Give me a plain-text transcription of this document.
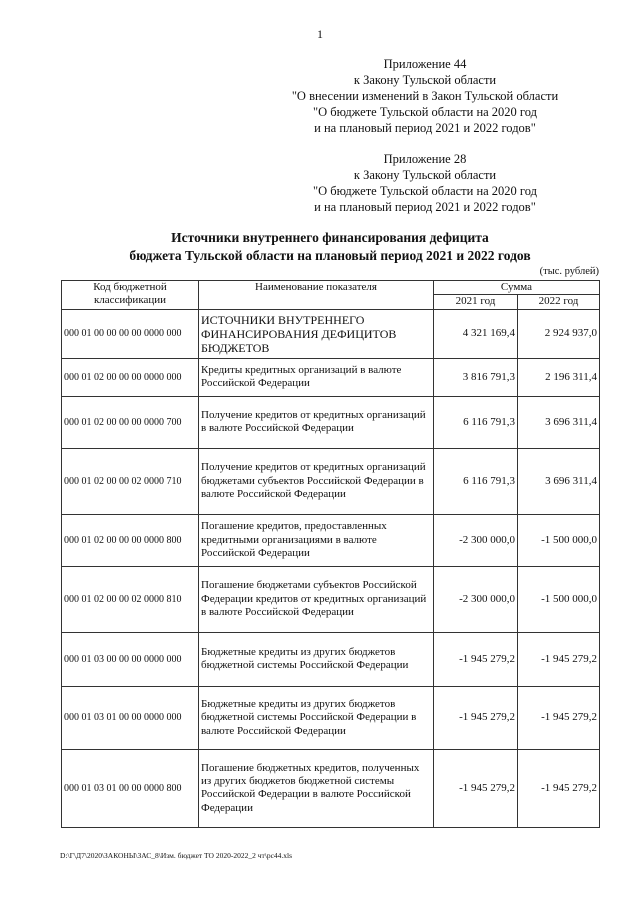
1
Приложение 44
к Закону Тульской области
"О внесении изменений в Закон Тульской области
"О бюджете Тульской области на 2020 год
и на плановый период 2021 и 2022 годов"
Приложение 28
к Закону Тульской области
"О бюджете Тульской области на 2020 год
и на плановый период 2021 и 2022 годов"
Источники внутреннего финансирования дефицита
бюджета Тульской области на плановый период 2021 и 2022 годов
(тыс. рублей)
Код бюджетной классификации	Наименование показателя	Сумма	
		2021 год	2022 год
000 01 00 00 00 00 0000 000	ИСТОЧНИКИ ВНУТРЕННЕГО ФИНАНСИРОВАНИЯ ДЕФИЦИТОВ БЮДЖЕТОВ	4 321 169,4	2 924 937,0
000 01 02 00 00 00 0000 000	Кредиты кредитных организаций в валюте Российской Федерации	3 816 791,3	2 196 311,4
000 01 02 00 00 00 0000 700	Получение кредитов от кредитных организаций в валюте Российской Федерации	6 116 791,3	3 696 311,4
000 01 02 00 00 02 0000 710	Получение кредитов от кредитных организаций бюджетами субъектов Российской Федерации в валюте Российской Федерации	6 116 791,3	3 696 311,4
000 01 02 00 00 00 0000 800	Погашение кредитов, предоставленных кредитными организациями в валюте Российской Федерации	-2 300 000,0	-1 500 000,0
000 01 02 00 00 02 0000 810	Погашение бюджетами субъектов Российской Федерации кредитов от кредитных организаций в валюте Российской Федерации	-2 300 000,0	-1 500 000,0
000 01 03 00 00 00 0000 000	Бюджетные кредиты из других бюджетов бюджетной системы Российской Федерации	-1 945 279,2	-1 945 279,2
000 01 03 01 00 00 0000 000	Бюджетные кредиты из других бюджетов бюджетной системы Российской Федерации в валюте Российской Федерации	-1 945 279,2	-1 945 279,2
000 01 03 01 00 00 0000 800	Погашение бюджетных кредитов, полученных из других бюджетов бюджетной системы Российской Федерации в валюте Российской Федерации	-1 945 279,2	-1 945 279,2
D:\Г\Д7\2020\ЗАКОНЫ\ЗАС_8\Изм. бюджет ТО 2020-2022_2 чт\рс44.xls
